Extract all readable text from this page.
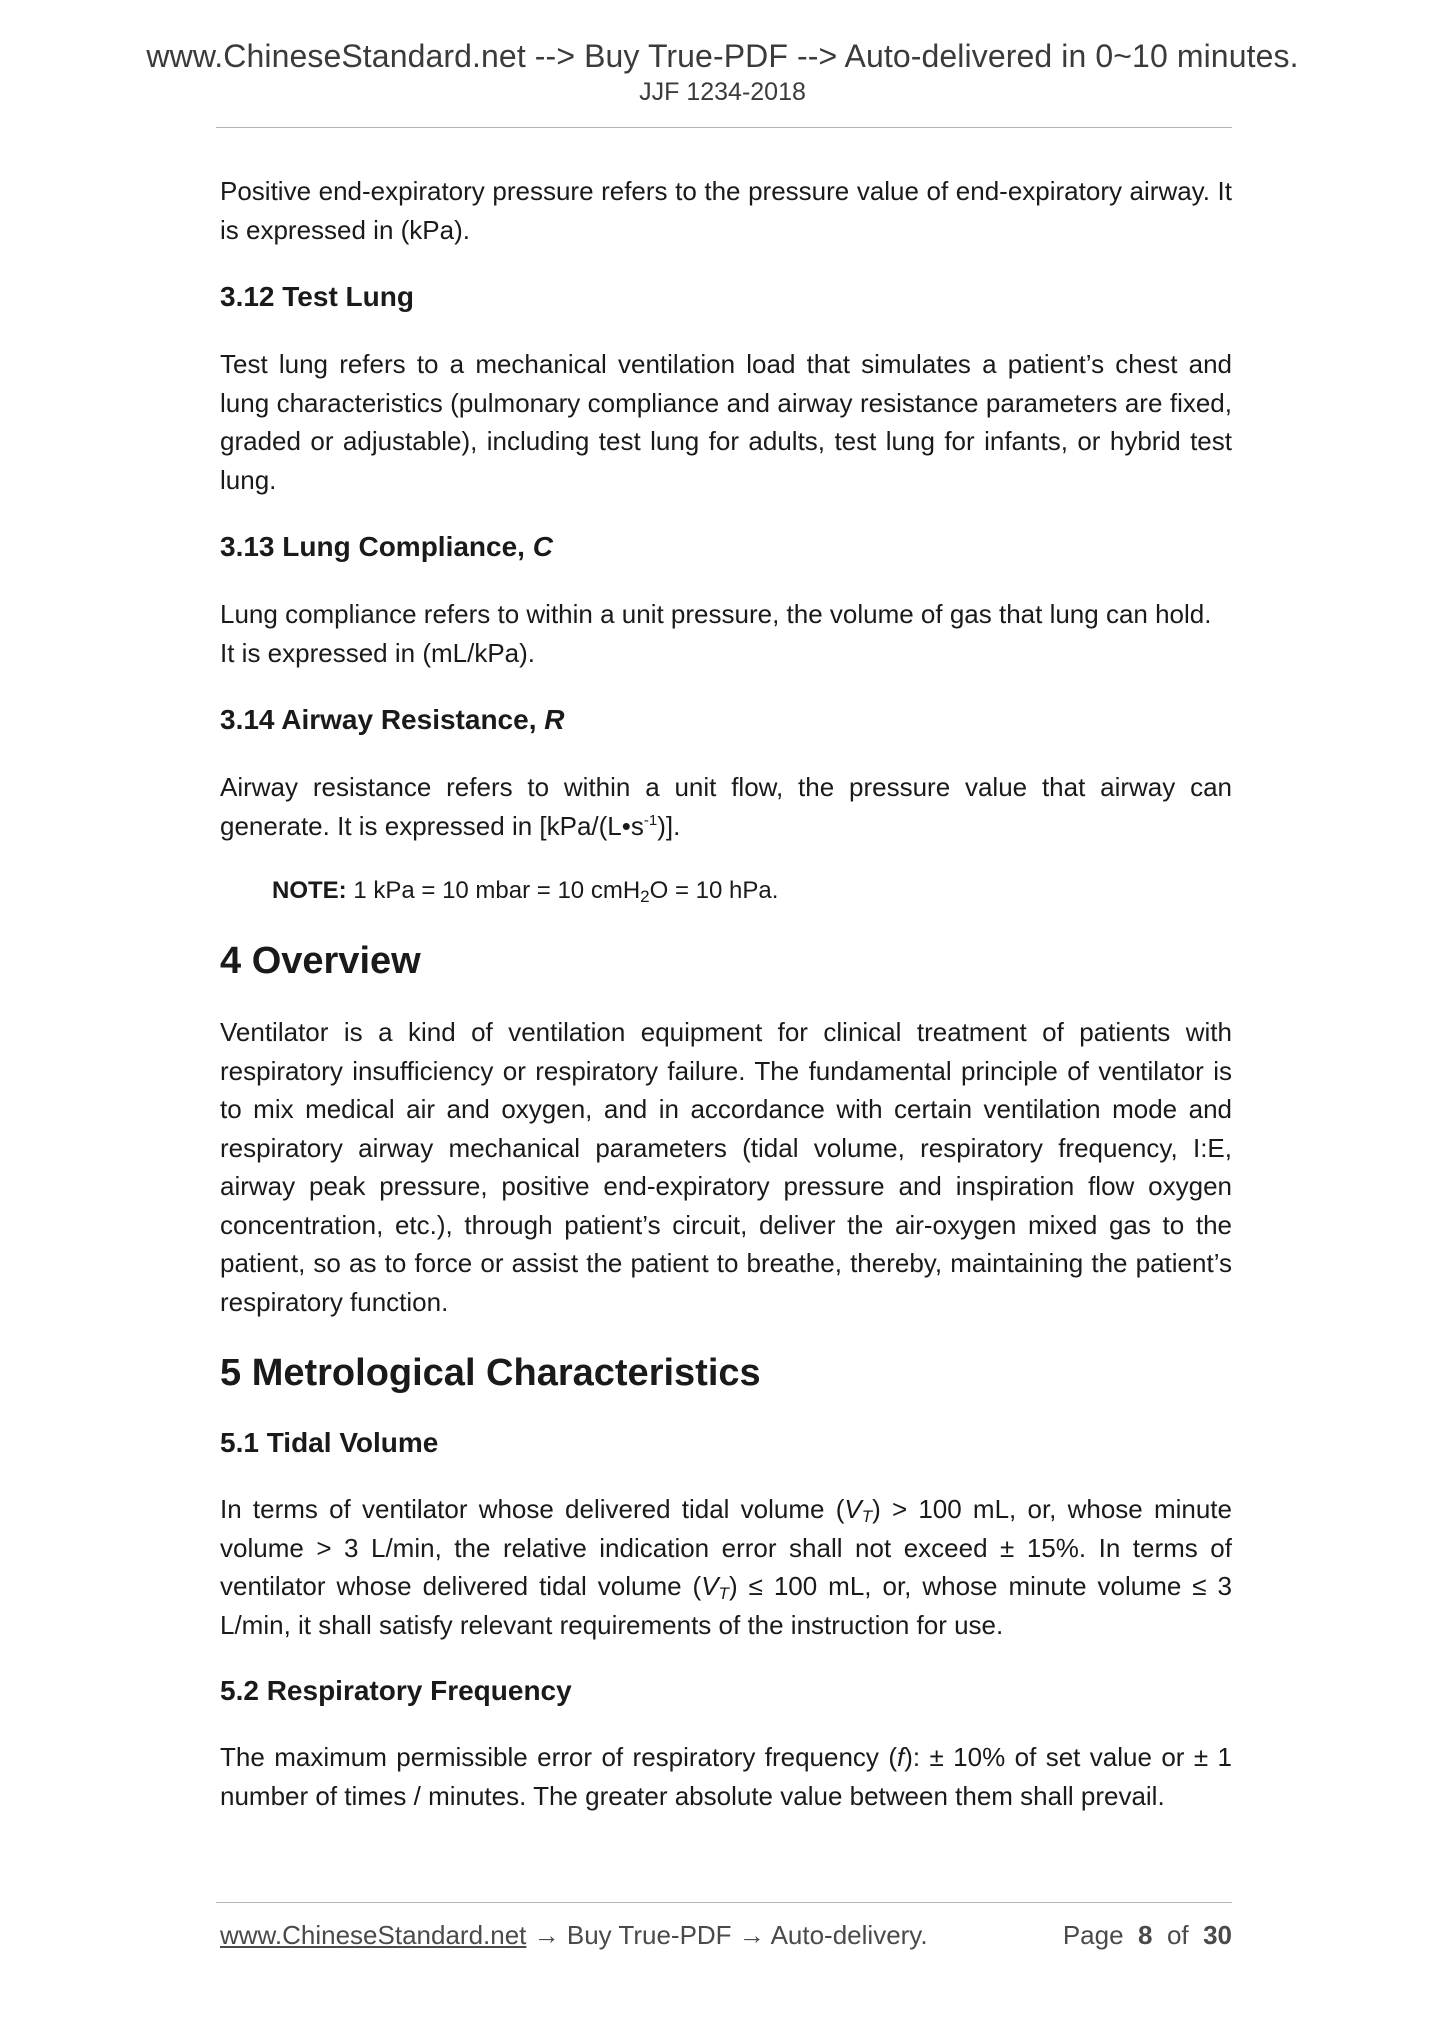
www.ChineseStandard.net --> Buy True-PDF --> Auto-delivered in 0~10 minutes.
JJF 1234-2018

Positive end-expiratory pressure refers to the pressure value of end-expiratory airway. It is expressed in (kPa).

3.12 Test Lung

Test lung refers to a mechanical ventilation load that simulates a patient’s chest and lung characteristics (pulmonary compliance and airway resistance parameters are fixed, graded or adjustable), including test lung for adults, test lung for infants, or hybrid test lung.

3.13 Lung Compliance, C

Lung compliance refers to within a unit pressure, the volume of gas that lung can hold. It is expressed in (mL/kPa).

3.14 Airway Resistance, R

Airway resistance refers to within a unit flow, the pressure value that airway can generate. It is expressed in $[kPa/(L•s^{-1})]$.

NOTE: 1 kPa = 10 mbar = 10 cmH$_2$O = 10 hPa.

4 Overview

Ventilator is a kind of ventilation equipment for clinical treatment of patients with respiratory insufficiency or respiratory failure. The fundamental principle of ventilator is to mix medical air and oxygen, and in accordance with certain ventilation mode and respiratory airway mechanical parameters (tidal volume, respiratory frequency, I:E, airway peak pressure, positive end-expiratory pressure and inspiration flow oxygen concentration, etc.), through patient’s circuit, deliver the air-oxygen mixed gas to the patient, so as to force or assist the patient to breathe, thereby, maintaining the patient’s respiratory function.

5 Metrological Characteristics
5.1 Tidal Volume

In terms of ventilator whose delivered tidal volume $(V_T) > 100$ mL, or, whose minute volume > 3 L/min, the relative indication error shall not exceed ± 15%. In terms of ventilator whose delivered tidal volume $(V_T) \le 100$ mL, or, whose minute volume ≤ 3 L/min, it shall satisfy relevant requirements of the instruction for use.

5.2 Respiratory Frequency

The maximum permissible error of respiratory frequency (f): ± 10% of set value or ± 1 number of times / minutes. The greater absolute value between them shall prevail.

www.ChineseStandard.net → Buy True-PDF → Auto-delivery.	Page 8 of 30
